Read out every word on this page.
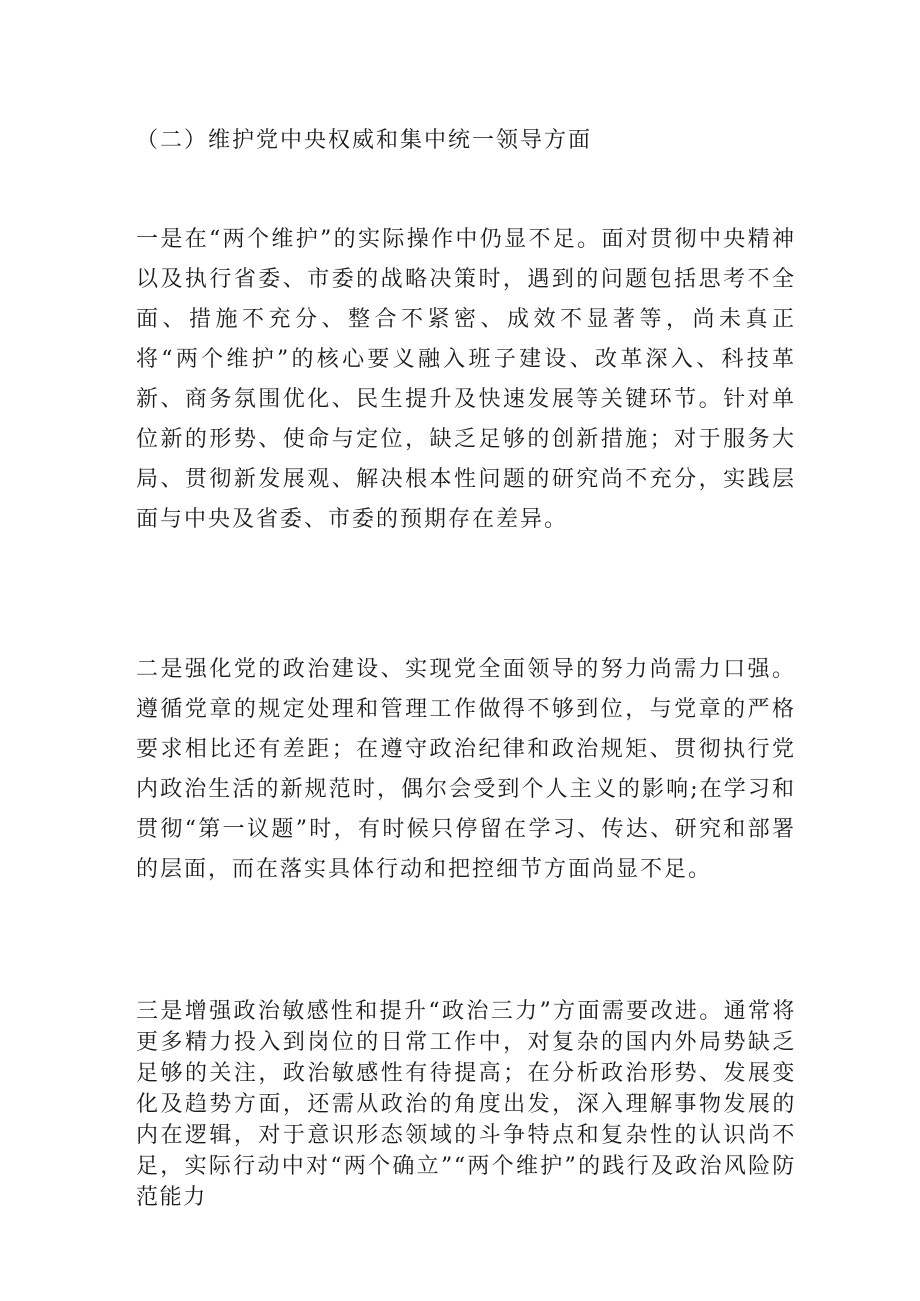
（二）维护党中央权威和集中统一领导方面

一是在“两个维护”的实际操作中仍显不足。面对贯彻中央精神以及执行省委、市委的战略决策时，遇到的问题包括思考不全面、措施不充分、整合不紧密、成效不显著等，尚未真正将“两个维护”的核心要义融入班子建设、改革深入、科技革新、商务氛围优化、民生提升及快速发展等关键环节。针对单位新的形势、使命与定位，缺乏足够的创新措施；对于服务大局、贯彻新发展观、解决根本性问题的研究尚不充分，实践层面与中央及省委、市委的预期存在差异。

二是强化党的政治建设、实现党全面领导的努力尚需力口强。遵循党章的规定处理和管理工作做得不够到位，与党章的严格要求相比还有差距；在遵守政治纪律和政治规矩、贯彻执行党内政治生活的新规范时，偶尔会受到个人主义的影响;在学习和贯彻“第一议题”时，有时候只停留在学习、传达、研究和部署的层面，而在落实具体行动和把控细节方面尚显不足。

三是增强政治敏感性和提升“政治三力”方面需要改进。通常将更多精力投入到岗位的日常工作中，对复杂的国内外局势缺乏足够的关注，政治敏感性有待提高；在分析政治形势、发展变化及趋势方面，还需从政治的角度出发，深入理解事物发展的内在逻辑，对于意识形态领域的斗争特点和复杂性的认识尚不足，实际行动中对“两个确立”“两个维护”的践行及政治风险防范能力
